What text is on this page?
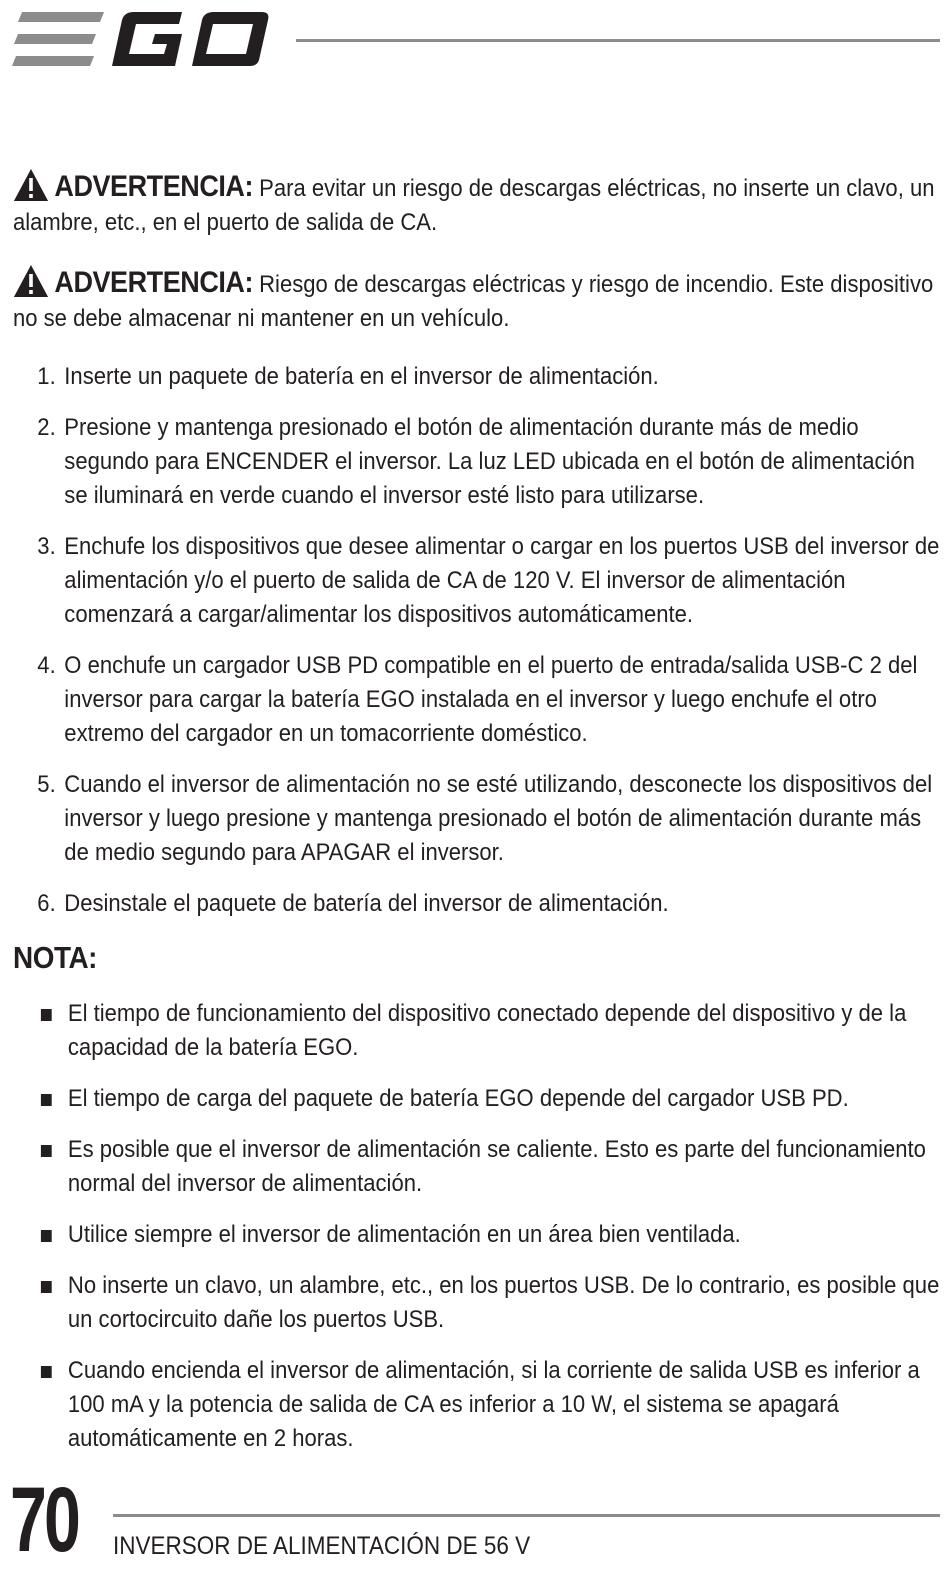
ADVERTENCIA: Para evitar un riesgo de descargas eléctricas, no inserte un clavo, un alambre, etc., en el puerto de salida de CA.

ADVERTENCIA: Riesgo de descargas eléctricas y riesgo de incendio. Este dispositivo no se debe almacenar ni mantener en un vehículo.

1. Inserte un paquete de batería en el inversor de alimentación.
2. Presione y mantenga presionado el botón de alimentación durante más de medio segundo para ENCENDER el inversor. La luz LED ubicada en el botón de alimentación se iluminará en verde cuando el inversor esté listo para utilizarse.
3. Enchufe los dispositivos que desee alimentar o cargar en los puertos USB del inversor de alimentación y/o el puerto de salida de CA de 120 V. El inversor de alimentación comenzará a cargar/alimentar los dispositivos automáticamente.
4. O enchufe un cargador USB PD compatible en el puerto de entrada/salida USB-C 2 del inversor para cargar la batería EGO instalada en el inversor y luego enchufe el otro extremo del cargador en un tomacorriente doméstico.
5. Cuando el inversor de alimentación no se esté utilizando, desconecte los dispositivos del inversor y luego presione y mantenga presionado el botón de alimentación durante más de medio segundo para APAGAR el inversor.
6. Desinstale el paquete de batería del inversor de alimentación.
NOTA:
El tiempo de funcionamiento del dispositivo conectado depende del dispositivo y de la capacidad de la batería EGO.
El tiempo de carga del paquete de batería EGO depende del cargador USB PD.
Es posible que el inversor de alimentación se caliente. Esto es parte del funcionamiento normal del inversor de alimentación.
Utilice siempre el inversor de alimentación en un área bien ventilada.
No inserte un clavo, un alambre, etc., en los puertos USB. De lo contrario, es posible que un cortocircuito dañe los puertos USB.
Cuando encienda el inversor de alimentación, si la corriente de salida USB es inferior a 100 mA y la potencia de salida de CA es inferior a 10 W, el sistema se apagará automáticamente en 2 horas.
70 INVERSOR DE ALIMENTACIÓN DE 56 V
